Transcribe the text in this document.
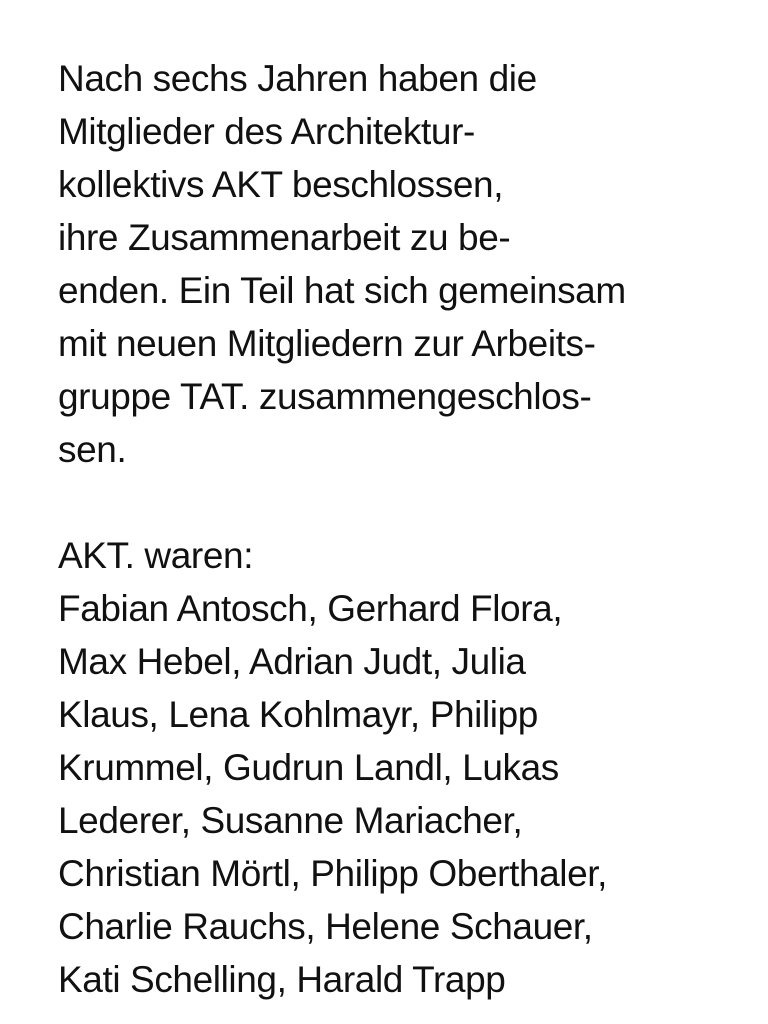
Nach sechs Jahren haben die
Mitglieder des Architektur-
kollektivs AKT beschlossen,
ihre Zusammenarbeit zu be-
enden. Ein Teil hat sich gemeinsam
mit neuen Mitgliedern zur Arbeits-
gruppe TAT. zusammengeschlos-
sen.
AKT. waren:
Fabian Antosch, Gerhard Flora,
Max Hebel, Adrian Judt, Julia
Klaus, Lena Kohlmayr, Philipp
Krummel, Gudrun Landl, Lukas
Lederer, Susanne Mariacher,
Christian Mörtl, Philipp Oberthaler,
Charlie Rauchs, Helene Schauer,
Kati Schelling, Harald Trapp
